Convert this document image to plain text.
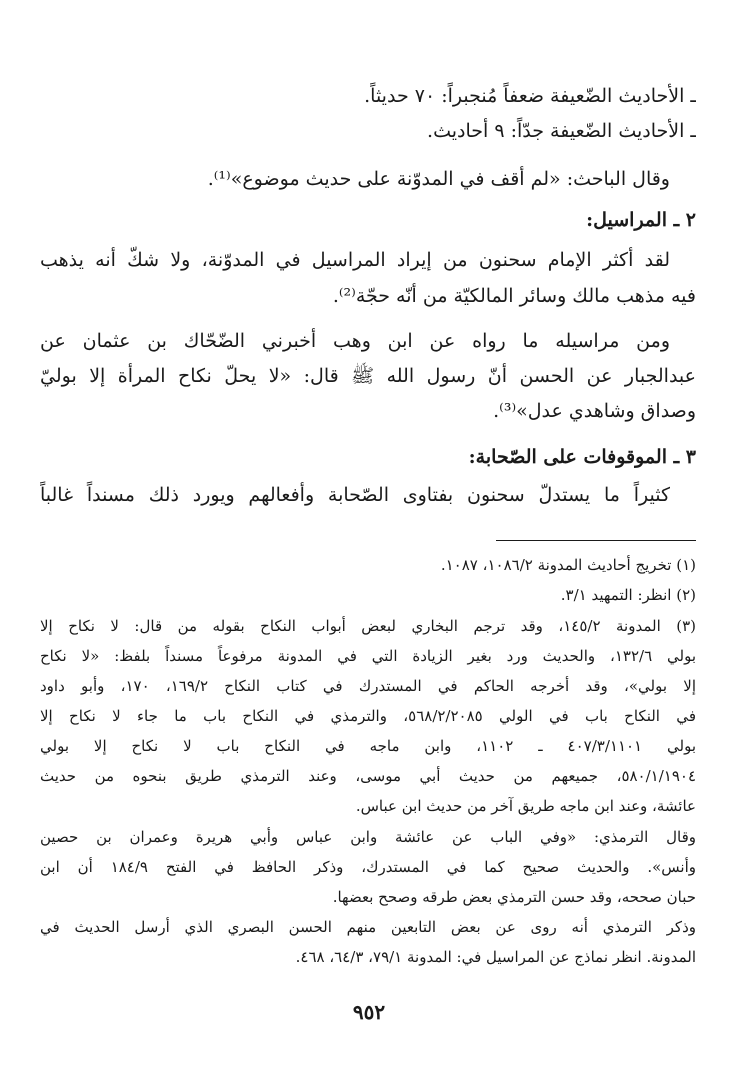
ـ الأحاديث الضّعيفة ضعفاً مُنجبراً: ٧٠ حديثاً.
ـ الأحاديث الضّعيفة جدّاً: ٩ أحاديث.
وقال الباحث: «لم أقف في المدوّنة على حديث موضوع»⁽¹⁾.
٢ ـ المراسيل:
لقد أكثر الإمام سحنون من إيراد المراسيل في المدوّنة، ولا شكّ أنه يذهب
فيه مذهب مالك وسائر المالكيّة من أنّه حجّة⁽²⁾.
ومن مراسيله ما رواه عن ابن وهب أخبرني الضّحّاك بن عثمان عن
عبدالجبار عن الحسن أنّ رسول الله ﷺ قال: «لا يحلّ نكاح المرأة إلا بوليّ
وصداق وشاهدي عدل»⁽³⁾.
٣ ـ الموقوفات على الصّحابة:
كثيراً ما يستدلّ سحنون بفتاوى الصّحابة وأفعالهم ويورد ذلك مسنداً غالباً
(١) تخريج أحاديث المدونة ١٠٨٦/٢، ١٠٨٧.
(٢) انظر: التمهيد ٣/١.
(٣) المدونة ١٤٥/٢، وقد ترجم البخاري لبعض أبواب النكاح بقوله من قال: لا نكاح إلا
بولي ١٣٢/٦، والحديث ورد بغير الزيادة التي في المدونة مرفوعاً مسنداً بلفظ: «لا نكاح
إلا بولي»، وقد أخرجه الحاكم في المستدرك في كتاب النكاح ١٦٩/٢، ١٧٠، وأبو داود
في النكاح باب في الولي ٥٦٨/٢/٢٠٨٥، والترمذي في النكاح باب ما جاء لا نكاح إلا
بولي ٤٠٧/٣/١١٠١ ـ ١١٠٢، وابن ماجه في النكاح باب لا نكاح إلا بولي
٥٨٠/١/١٩٠٤، جميعهم من حديث أبي موسى، وعند الترمذي طريق بنحوه من حديث
عائشة، وعند ابن ماجه طريق آخر من حديث ابن عباس.
وقال الترمذي: «وفي الباب عن عائشة وابن عباس وأبي هريرة وعمران بن حصين
وأنس». والحديث صحيح كما في المستدرك، وذكر الحافظ في الفتح ١٨٤/٩ أن ابن
حبان صححه، وقد حسن الترمذي بعض طرقه وصحح بعضها.
وذكر الترمذي أنه روى عن بعض التابعين منهم الحسن البصري الذي أرسل الحديث في
المدونة. انظر نماذج عن المراسيل في: المدونة ٧٩/١، ٦٤/٣، ٤٦٨.
٩٥٢
